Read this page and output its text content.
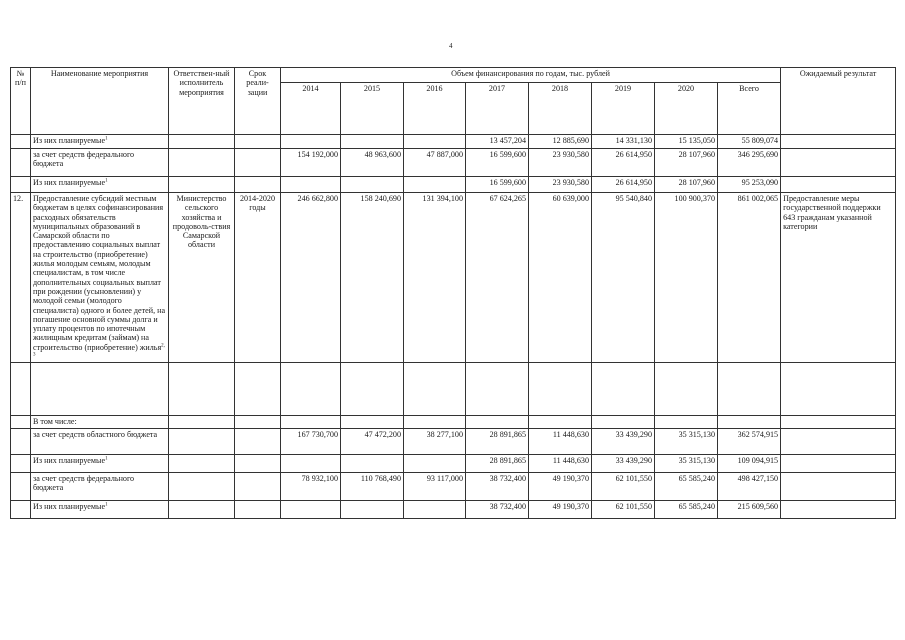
4
№ п/п	Наименование мероприятия	Ответствен-ный исполнитель мероприятия	Срок реали-зации	Объем финансирования по годам, тыс. рублей								Ожидаемый результат
				2014	2015	2016	2017	2018	2019	2020	Всего	
	Из них планируемые$^1$						13 457,204	12 885,690	14 331,130	15 135,050	55 809,074	
	за счет средств федерального бюджета			154 192,000	48 963,600	47 887,000	16 599,600	23 930,580	26 614,950	28 107,960	346 295,690	
	Из них планируемые$^1$						16 599,600	23 930,580	26 614,950	28 107,960	95 253,090	
12.	Предоставление субсидий местным бюджетам в целях софинансирования расходных обязательств муниципальных образований в Самарской области по предоставлению социальных выплат на строительство (приобретение) жилья молодым семьям, молодым специалистам, в том числе дополнительных социальных выплат при рождении (усыновлении) у молодой семьи (молодого специалиста) одного и более детей, на погашение основной суммы долга и уплату процентов по ипотечным жилищным кредитам (займам) на строительство (приобретение) жилья$^{2, 3}$	Министерство сельского хозяйства и продоволь-ствия Самарской области	2014-2020 годы	246 662,800	158 240,690	131 394,100	67 624,265	60 639,000	95 540,840	100 900,370	861 002,065	Предоставление меры государственной поддержки 643 гражданам указанной категории

	В том числе:											
	за счет средств областного бюджета			167 730,700	47 472,200	38 277,100	28 891,865	11 448,630	33 439,290	35 315,130	362 574,915	
	Из них планируемые$^1$						28 891,865	11 448,630	33 439,290	35 315,130	109 094,915	
	за счет средств федерального бюджета			78 932,100	110 768,490	93 117,000	38 732,400	49 190,370	62 101,550	65 585,240	498 427,150	
	Из них планируемые$^1$						38 732,400	49 190,370	62 101,550	65 585,240	215 609,560	
